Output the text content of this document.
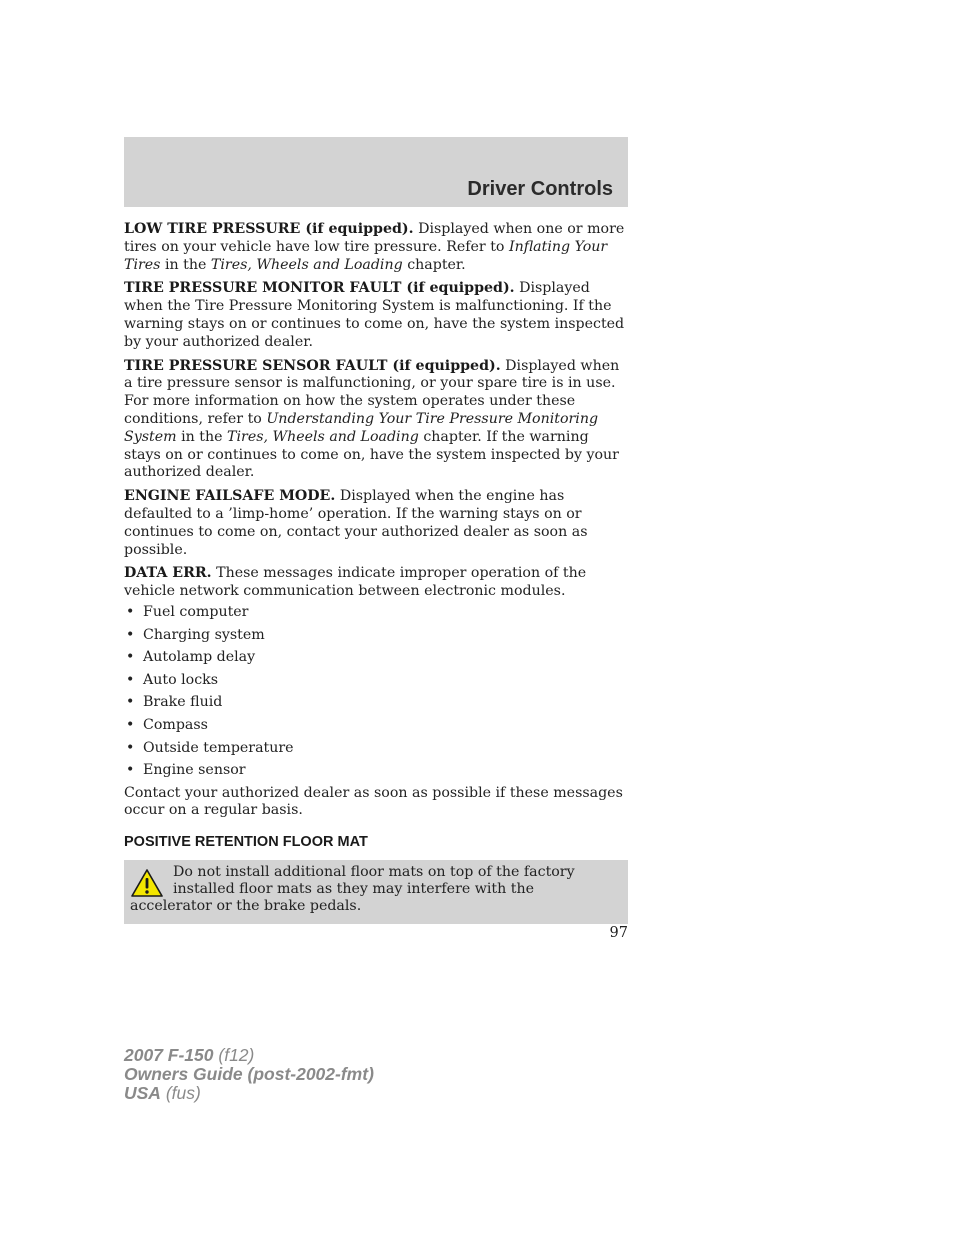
Driver Controls

LOW TIRE PRESSURE (if equipped). Displayed when one or more tires on your vehicle have low tire pressure. Refer to Inflating Your Tires in the Tires, Wheels and Loading chapter.

TIRE PRESSURE MONITOR FAULT (if equipped). Displayed when the Tire Pressure Monitoring System is malfunctioning. If the warning stays on or continues to come on, have the system inspected by your authorized dealer.

TIRE PRESSURE SENSOR FAULT (if equipped). Displayed when a tire pressure sensor is malfunctioning, or your spare tire is in use. For more information on how the system operates under these conditions, refer to Understanding Your Tire Pressure Monitoring System in the Tires, Wheels and Loading chapter. If the warning stays on or continues to come on, have the system inspected by your authorized dealer.

ENGINE FAILSAFE MODE. Displayed when the engine has defaulted to a ’limp-home’ operation. If the warning stays on or continues to come on, contact your authorized dealer as soon as possible.

DATA ERR. These messages indicate improper operation of the vehicle network communication between electronic modules.

• Fuel computer
• Charging system
• Autolamp delay
• Auto locks
• Brake fluid
• Compass
• Outside temperature
• Engine sensor

Contact your authorized dealer as soon as possible if these messages occur on a regular basis.

POSITIVE RETENTION FLOOR MAT
Do not install additional floor mats on top of the factory installed floor mats as they may interfere with the accelerator or the brake pedals.
97
2007 F-150 (f12)
Owners Guide (post-2002-fmt)
USA (fus)
